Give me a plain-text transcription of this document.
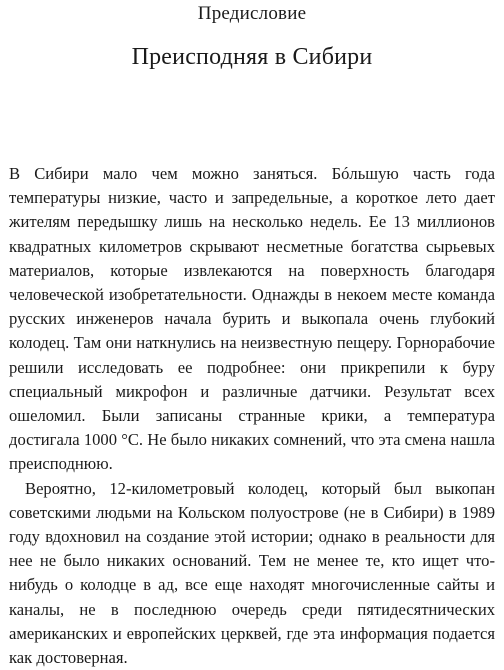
Предисловие
Преисподняя в Сибири

В Сибири мало чем можно заняться. Бóльшую часть года температуры низкие, часто и запредельные, а короткое лето дает жителям передышку лишь на несколько недель. Ее 13 миллионов квадратных километров скрывают несметные богатства сырьевых материалов, которые извлекаются на поверхность благодаря человеческой изобретательности. Однажды в некоем месте команда русских инженеров начала бурить и выкопала очень глубокий колодец. Там они наткнулись на неизвестную пещеру. Горнорабочие решили исследовать ее подробнее: они прикрепили к буру специальный микрофон и различные датчики. Результат всех ошеломил. Были записаны странные крики, а температура достигала 1000 °С. Не было никаких сомнений, что эта смена нашла преисподнюю.

Вероятно, 12-километровый колодец, который был выкопан советскими людьми на Кольском полуострове (не в Сибири) в 1989 году вдохновил на создание этой истории; однако в реальности для нее не было никаких оснований. Тем не менее те, кто ищет что-нибудь о колодце в ад, все еще находят многочисленные сайты и каналы, не в последнюю очередь среди пятидесятнических американских и европейских церквей, где эта информация подается как достоверная.
